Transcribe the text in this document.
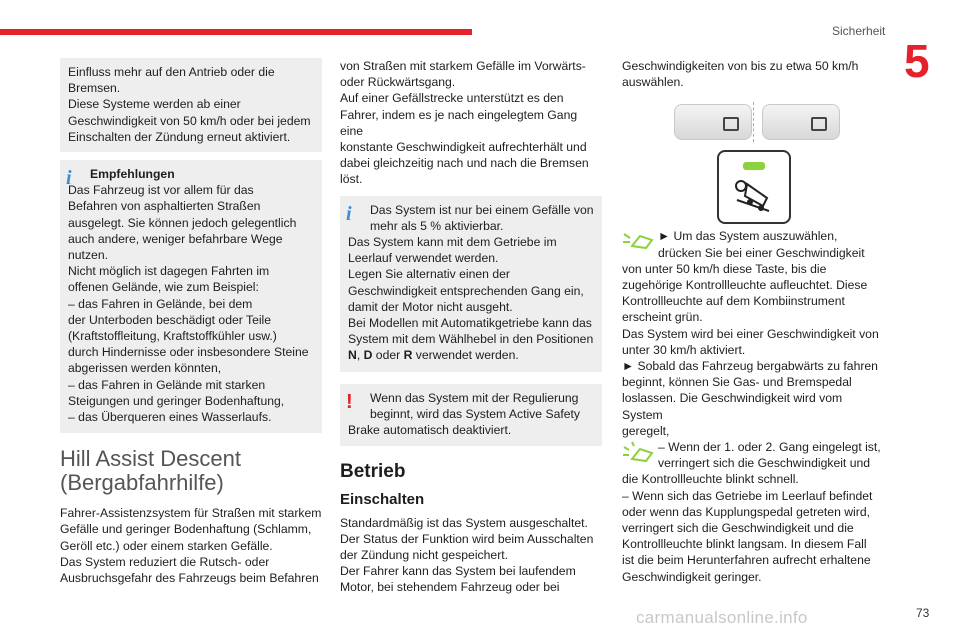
Sicherheit
5

Einfluss mehr auf den Antrieb oder die
Bremsen.
Diese Systeme werden ab einer
Geschwindigkeit von 50 km/h oder bei jedem
Einschalten der Zündung erneut aktiviert.

i	Empfehlungen

Das Fahrzeug ist vor allem für das
Befahren von asphaltierten Straßen
ausgelegt. Sie können jedoch gelegentlich
auch andere, weniger befahrbare Wege
nutzen.
Nicht möglich ist dagegen Fahrten im
offenen Gelände, wie zum Beispiel:
– das Fahren in Gelände, bei dem
der Unterboden beschädigt oder Teile
(Kraftstoffleitung, Kraftstoffkühler usw.)
durch Hindernisse oder insbesondere Steine
abgerissen werden könnten,
– das Fahren in Gelände mit starken
Steigungen und geringer Bodenhaftung,
– das Überqueren eines Wasserlaufs.

Hill Assist Descent
(Bergabfahrhilfe)

Fahrer-Assistenzsystem für Straßen mit starkem
Gefälle und geringer Bodenhaftung (Schlamm,
Geröll etc.) oder einem starken Gefälle.
Das System reduziert die Rutsch- oder
Ausbruchsgefahr des Fahrzeugs beim Befahren

von Straßen mit starkem Gefälle im Vorwärts-
oder Rückwärtsgang.
Auf einer Gefällstrecke unterstützt es den
Fahrer, indem es je nach eingelegtem Gang eine
konstante Geschwindigkeit aufrechterhält und
dabei gleichzeitig nach und nach die Bremsen
löst.

i	Das System ist nur bei einem Gefälle von
mehr als 5 % aktivierbar.

Das System kann mit dem Getriebe im
Leerlauf verwendet werden.
Legen Sie alternativ einen der
Geschwindigkeit entsprechenden Gang ein,
damit der Motor nicht ausgeht.
Bei Modellen mit Automatikgetriebe kann das
System mit dem Wählhebel in den Positionen
N, D oder R verwendet werden.

!	Wenn das System mit der Regulierung
beginnt, wird das System Active Safety

Brake automatisch deaktiviert.

Betrieb
Einschalten

Standardmäßig ist das System ausgeschaltet.
Der Status der Funktion wird beim Ausschalten
der Zündung nicht gespeichert.
Der Fahrer kann das System bei laufendem
Motor, bei stehendem Fahrzeug oder bei

Geschwindigkeiten von bis zu etwa 50 km/h
auswählen.

► Um das System auszuwählen,
drücken Sie bei einer Geschwindigkeit

von unter 50 km/h diese Taste, bis die
zugehörige Kontrollleuchte aufleuchtet. Diese
Kontrollleuchte auf dem Kombiinstrument
erscheint grün.
Das System wird bei einer Geschwindigkeit von
unter 30 km/h aktiviert.
► Sobald das Fahrzeug bergabwärts zu fahren
beginnt, können Sie Gas- und Bremspedal
loslassen. Die Geschwindigkeit wird vom System
geregelt,

– Wenn der 1. oder 2. Gang eingelegt ist,
verringert sich die Geschwindigkeit und

die Kontrollleuchte blinkt schnell.
– Wenn sich das Getriebe im Leerlauf befindet
oder wenn das Kupplungspedal getreten wird,
verringert sich die Geschwindigkeit und die
Kontrollleuchte blinkt langsam. In diesem Fall
ist die beim Herunterfahren aufrecht erhaltene
Geschwindigkeit geringer.

carmanualsonline.info	73
